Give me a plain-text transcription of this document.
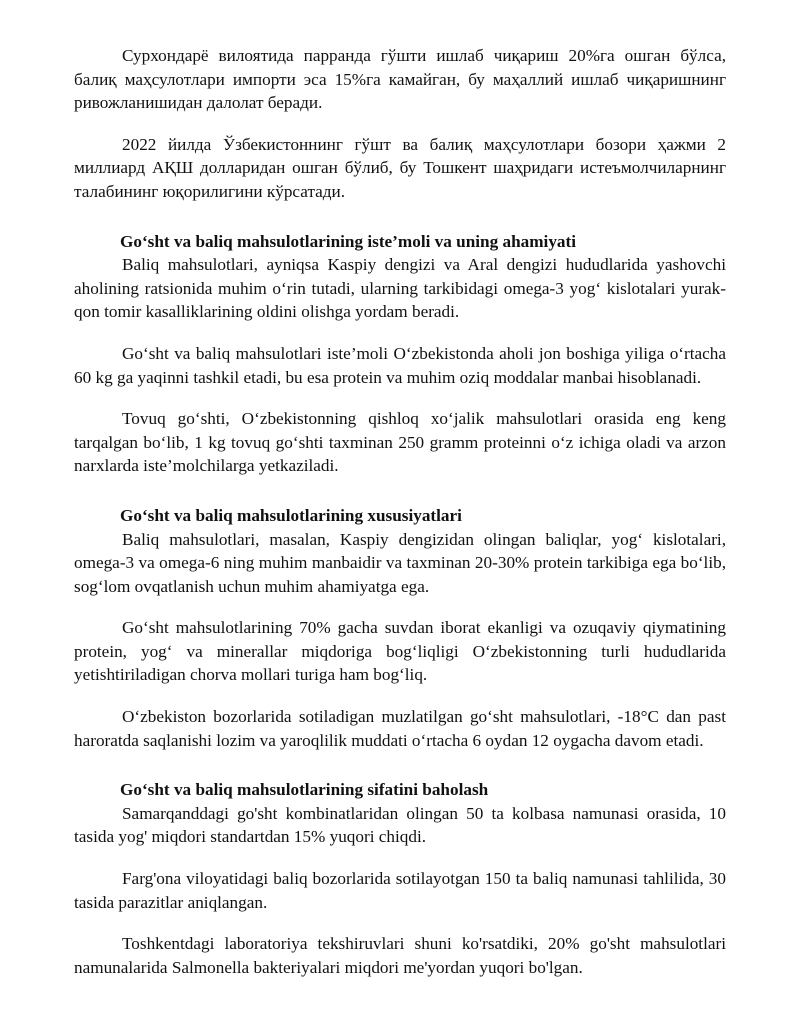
Сурхондарё вилоятида парранда гўшти ишлаб чиқариш 20%га ошган бўлса, балиқ маҳсулотлари импорти эса 15%га камайган, бу маҳаллий ишлаб чиқаришнинг ривожланишидан далолат беради.

2022 йилда Ўзбекистоннинг гўшт ва балиқ маҳсулотлари бозори ҳажми 2 миллиард АҚШ долларидан ошган бўлиб, бу Тошкент шаҳридаги истеъмолчиларнинг талабининг юқорилигини кўрсатади.

Go‘sht va baliq mahsulotlarining iste’moli va uning ahamiyati

Baliq mahsulotlari, ayniqsa Kaspiy dengizi va Aral dengizi hududlarida yashovchi aholining ratsionida muhim o‘rin tutadi, ularning tarkibidagi omega-3 yog‘ kislotalari yurak-qon tomir kasalliklarining oldini olishga yordam beradi.

Go‘sht va baliq mahsulotlari iste’moli O‘zbekistonda aholi jon boshiga yiliga o‘rtacha 60 kg ga yaqinni tashkil etadi, bu esa protein va muhim oziq moddalar manbai hisoblanadi.

Tovuq go‘shti, O‘zbekistonning qishloq xo‘jalik mahsulotlari orasida eng keng tarqalgan bo‘lib, 1 kg tovuq go‘shti taxminan 250 gramm proteinni o‘z ichiga oladi va arzon narxlarda iste’molchilarga yetkaziladi.

Go‘sht va baliq mahsulotlarining xususiyatlari

Baliq mahsulotlari, masalan, Kaspiy dengizidan olingan baliqlar, yog‘ kislotalari, omega-3 va omega-6 ning muhim manbaidir va taxminan 20-30% protein tarkibiga ega bo‘lib, sog‘lom ovqatlanish uchun muhim ahamiyatga ega.

Go‘sht mahsulotlarining 70% gacha suvdan iborat ekanligi va ozuqaviy qiymatining protein, yog‘ va minerallar miqdoriga bog‘liqligi O‘zbekistonning turli hududlarida yetishtiriladigan chorva mollari turiga ham bog‘liq.

O‘zbekiston bozorlarida sotiladigan muzlatilgan go‘sht mahsulotlari, -18°C dan past haroratda saqlanishi lozim va yaroqlilik muddati o‘rtacha 6 oydan 12 oygacha davom etadi.

Go‘sht va baliq mahsulotlarining sifatini baholash

Samarqanddagi go'sht kombinatlaridan olingan 50 ta kolbasa namunasi orasida, 10 tasida yog' miqdori standartdan 15% yuqori chiqdi.

Farg'ona viloyatidagi baliq bozorlarida sotilayotgan 150 ta baliq namunasi tahlilida, 30 tasida parazitlar aniqlangan.

Toshkentdagi laboratoriya tekshiruvlari shuni ko'rsatdiki, 20% go'sht mahsulotlari namunalarida Salmonella bakteriyalari miqdori me'yordan yuqori bo'lgan.
